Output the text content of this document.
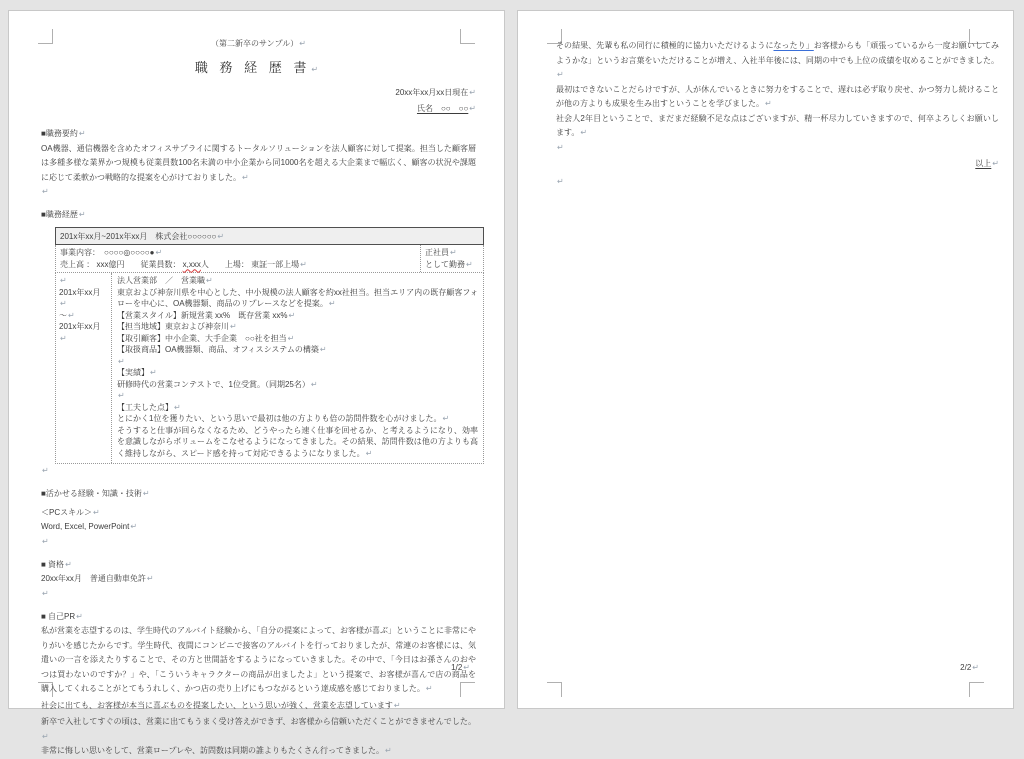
（第二新卒のサンプル）↵
職 務 経 歴 書↵
20xx年xx月xx日現在↵
氏名　○○　○○↵
■職務要約↵
OA機器、通信機器を含めたオフィスサプライに関するトータルソリューションを法人顧客に対して提案。担当した顧客層は多種多様な業界かつ規模も従業員数100名未満の中小企業から同1000名を超える大企業まで幅広く、顧客の状況や課題に応じて柔軟かつ戦略的な提案を心がけておりました。↵
↵
■職務経歴↵
201x年xx月~201x年xx月　株式会社○○○○○○↵
事業内容：　○○○○◎○○○○●↵
売上高 ： xxx億円　　従業員数： x,xxx人　　上場： 東証一部上場↵
正社員↵
として勤務↵
↵
201x年xx月↵
～↵
201x年xx月↵
法人営業部　／　営業職↵
東京および神奈川県を中心とした、中小規模の法人顧客を約xx社担当。担当エリア内の既存顧客フォローを中心に、OA機器類、商品のリプレースなどを提案。↵
【営業スタイル】新規営業 xx%　既存営業 xx%↵
【担当地域】東京および神奈川↵
【取引顧客】中小企業、大手企業　○○社を担当↵
【取扱商品】OA機器類、商品、オフィスシステムの構築↵
↵
【実績】↵
研修時代の営業コンテストで、1位受賞。（同期25名）↵
↵
【工夫した点】↵
とにかく1位を獲りたい、という思いで最初は他の方よりも倍の訪問件数を心がけました。↵
そうすると仕事が回らなくなるため、どうやったら速く仕事を回せるか、と考えるようになり、効率を意識しながらボリュームをこなせるようになってきました。その結果、訪問件数は他の方よりも高く維持しながら、スピード感を持って対応できるようになりました。↵
↵
■活かせる経験・知識・技術↵
＜PCスキル＞↵
Word, Excel, PowerPoint↵
↵
■ 資格↵
20xx年xx月　普通自動車免許↵
↵
■ 自己PR↵
私が営業を志望するのは、学生時代のアルバイト経験から、「自分の提案によって、お客様が喜ぶ」ということに非常にやりがいを感じたからです。学生時代、夜間にコンビニで接客のアルバイトを行っておりましたが、常連のお客様には、気遣いの一言を添えたりすることで、その方と世間話をするようになっていきました。その中で、「今日はお孫さんのおやつは買わないのですか？」や、「こういうキャラクターの商品が出ましたよ」という提案で、お客様が喜んで店の商品を購入してくれることがとてもうれしく、かつ店の売り上げにもつながるという達成感を感じておりました。↵
社会に出ても、お客様が本当に喜ぶものを提案したい、という思いが強く、営業を志望しています↵
新卒で入社してすぐの頃は、営業に出てもうまく受け答えができず、お客様から信頼いただくことができませんでした。↵
非常に悔しい思いをして、営業ロープレや、訪問数は同期の誰よりもたくさん行ってきました。↵
1/2↵
その結果、先輩も私の同行に積極的に協力いただけるようになったり」お客様からも「頑張っているから一度お願いしてみようかな」というお言葉をいただけることが増え、入社半年後には、同期の中でも上位の成績を収めることができました。↵
最初はできないことだらけですが、人が休んでいるときに努力をすることで、遅れは必ず取り戻せ、かつ努力し続けることが他の方よりも成果を生み出すということを学びました。↵
社会人2年目ということで、まだまだ経験不足な点はございますが、精一杯尽力していきますので、何卒よろしくお願いします。↵
↵
以上↵
↵
2/2↵
